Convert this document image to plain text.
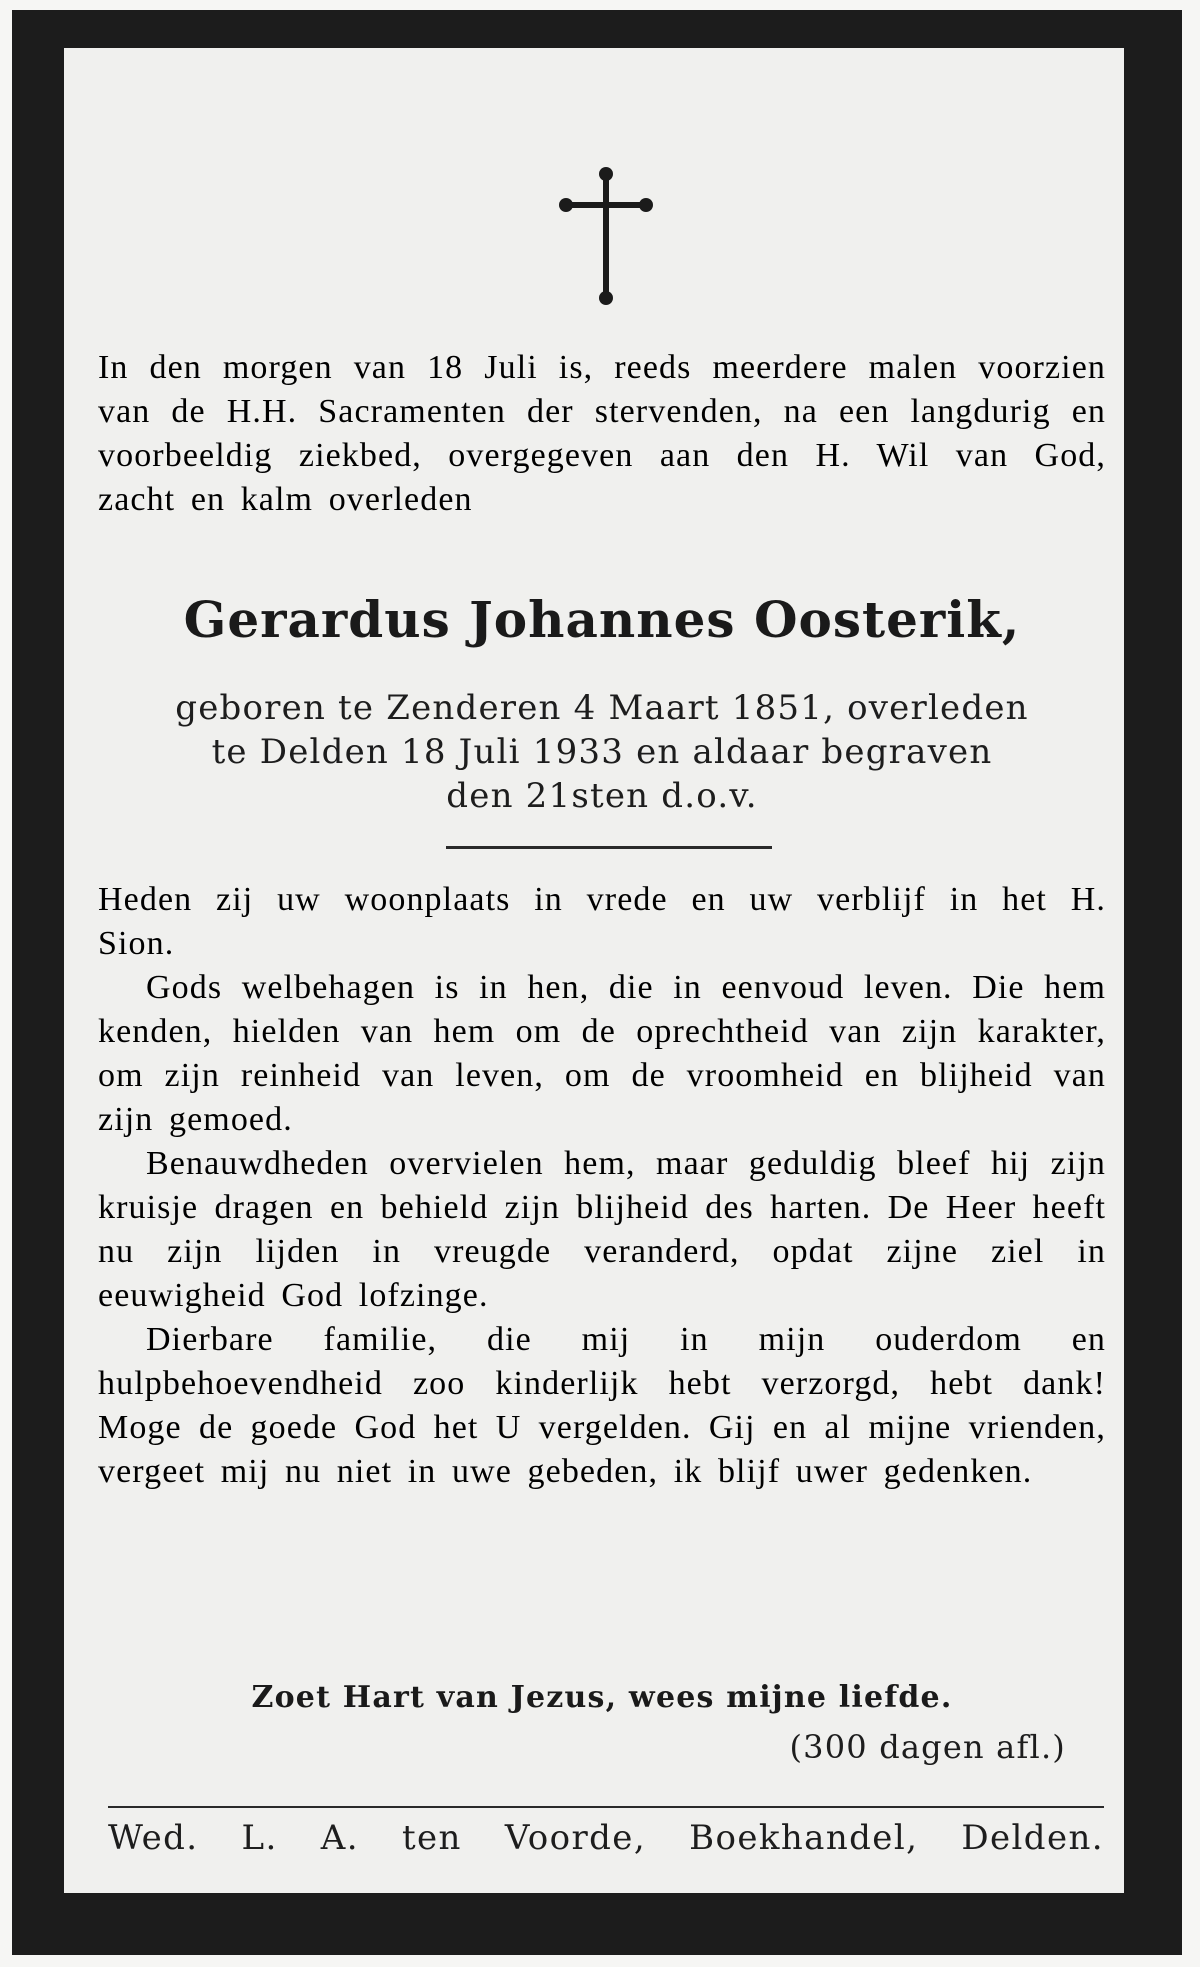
In den morgen van 18 Juli is, reeds meerdere malen voorzien van de H.H. Sacramenten der stervenden, na een langdurig en voorbeeldig ziekbed, overgegeven aan den H. Wil van God, zacht en kalm overleden

Gerardus Johannes Oosterik,
geboren te Zenderen 4 Maart 1851, overleden
te Delden 18 Juli 1933 en aldaar begraven
den 21sten d.o.v.

Heden zij uw woonplaats in vrede en uw verblijf in het H. Sion.

Gods welbehagen is in hen, die in eenvoud leven. Die hem kenden, hielden van hem om de oprechtheid van zijn karakter, om zijn reinheid van leven, om de vroomheid en blijheid van zijn gemoed.

Benauwdheden overvielen hem, maar geduldig bleef hij zijn kruisje dragen en behield zijn blijheid des harten. De Heer heeft nu zijn lijden in vreugde veranderd, opdat zijne ziel in eeuwigheid God lofzinge.

Dierbare familie, die mij in mijn ouderdom en hulpbehoevendheid zoo kinderlijk hebt verzorgd, hebt dank! Moge de goede God het U vergelden. Gij en al mijne vrienden, vergeet mij nu niet in uwe gebeden, ik blijf uwer gedenken.

Zoet Hart van Jezus, wees mijne liefde.
(300 dagen afl.)
Wed. L. A. ten Voorde, Boekhandel, Delden.
